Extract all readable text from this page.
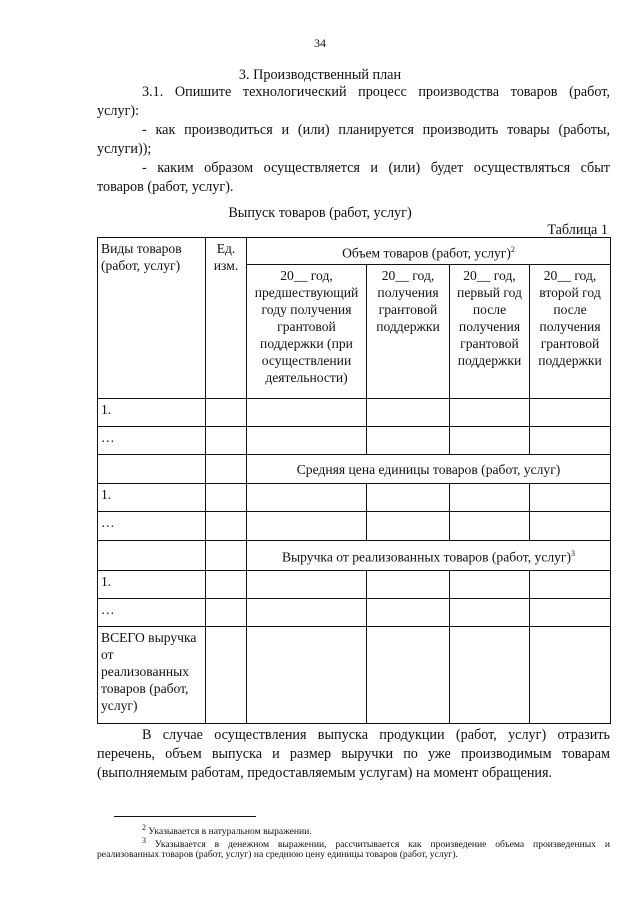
34
3. Производственный план
3.1. Опишите технологический процесс производства товаров (работ,
услуг):
- как производиться и (или) планируется производить товары (работы,
услуги));
- каким образом осуществляется и (или) будет осуществляться сбыт
товаров (работ, услуг).
Выпуск товаров (работ, услуг)
Таблица 1
Виды товаров (работ, услуг)	Ед. изм.	Объем товаров (работ, услуг)$^2$
		20__ год, предшествующий году получения грантовой поддержки (при осуществлении деятельности)	20__ год, получения грантовой поддержки	20__ год, первый год после получения грантовой поддержки	20__ год, второй год после получения грантовой поддержки
1.					
…					
		Средняя цена единицы товаров (работ, услуг)			
1.					
…					
		Выручка от реализованных товаров (работ, услуг)$^3$
1.					
…					
ВСЕГО выручка от реализованных товаров (работ, услуг)					
В случае осуществления выпуска продукции (работ, услуг) отразить
перечень, объем выпуска и размер выручки по уже производимым товарам
(выполняемым работам, предоставляемым услугам) на момент обращения.
$^2$ Указывается в натуральном выражении.
$^3$ Указывается в денежном выражении, рассчитывается как произведение объема произведенных и
реализованных товаров (работ, услуг) на среднюю цену единицы товаров (работ, услуг).
